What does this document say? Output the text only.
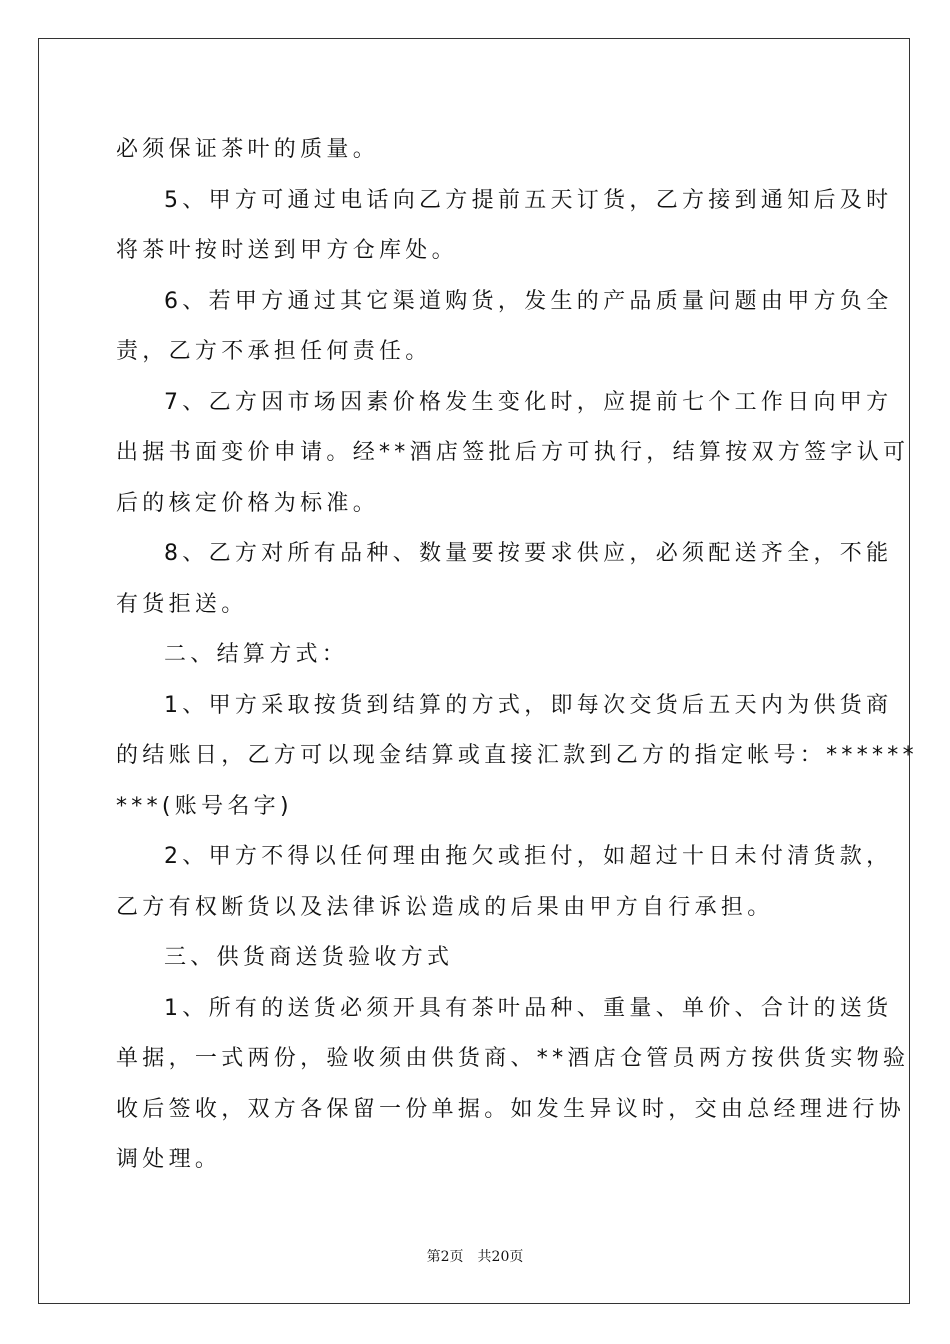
必须保证茶叶的质量。
5、甲方可通过电话向乙方提前五天订货，乙方接到通知后及时
将茶叶按时送到甲方仓库处。
6、若甲方通过其它渠道购货，发生的产品质量问题由甲方负全
责，乙方不承担任何责任。
7、乙方因市场因素价格发生变化时，应提前七个工作日向甲方
出据书面变价申请。经**酒店签批后方可执行，结算按双方签字认可
后的核定价格为标准。
8、乙方对所有品种、数量要按要求供应，必须配送齐全，不能
有货拒送。
二、结算方式：
1、甲方采取按货到结算的方式，即每次交货后五天内为供货商
的结账日，乙方可以现金结算或直接汇款到乙方的指定帐号：******
***(账号名字)
2、甲方不得以任何理由拖欠或拒付，如超过十日未付清货款，
乙方有权断货以及法律诉讼造成的后果由甲方自行承担。
三、供货商送货验收方式
1、所有的送货必须开具有茶叶品种、重量、单价、合计的送货
单据，一式两份，验收须由供货商、**酒店仓管员两方按供货实物验
收后签收，双方各保留一份单据。如发生异议时，交由总经理进行协
调处理。
第2页 共20页
